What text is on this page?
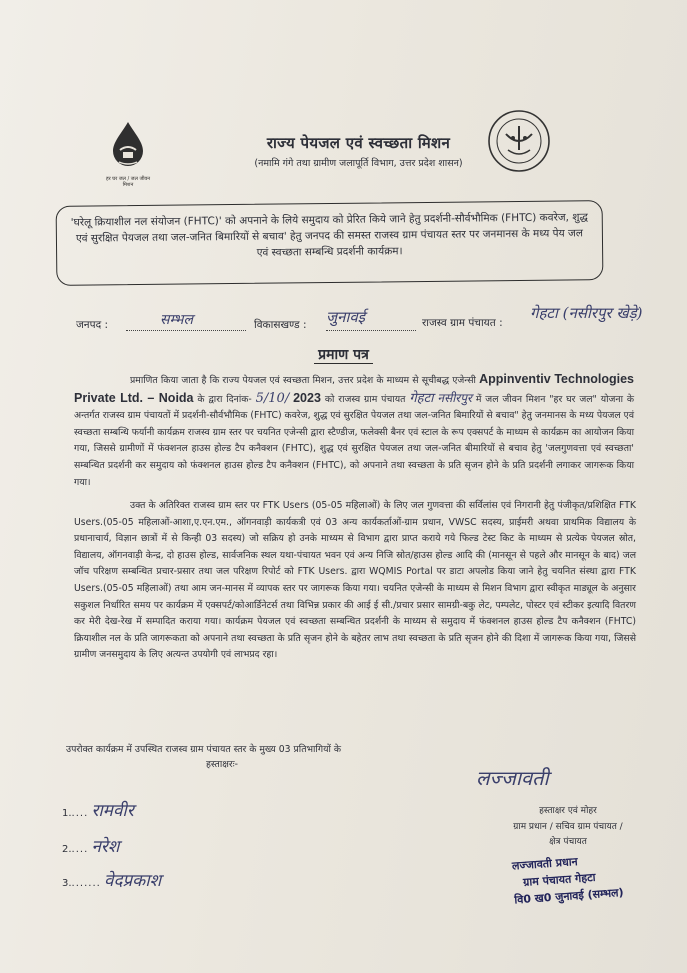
हर घर जल / जल जीवन मिशन
राज्य पेयजल एवं स्वच्छता मिशन
(नमामि गंगे तथा ग्रामीण जलापूर्ति विभाग, उत्तर प्रदेश शासन)
'घरेलू क्रियाशील नल संयोजन (FHTC)' को अपनाने के लिये समुदाय को प्रेरित किये जाने हेतु प्रदर्शनी-सौर्वभौमिक (FHTC) कवरेज, शुद्ध एवं सुरक्षित पेयजल तथा जल-जनित बिमारियों से बचाव' हेतु जनपद की समस्त राजस्व ग्राम पंचायत स्तर पर जनमानस के मध्य पेय जल एवं स्वच्छता सम्बन्धि प्रदर्शनी कार्यक्रम।
जनपद :	सम्भल	विकासखण्ड : जुनावई	राजस्व ग्राम पंचायत :
गेहटा (नसीरपुर खेड़े)
प्रमाण पत्र
प्रमाणित किया जाता है कि राज्य पेयजल एवं स्वच्छता मिशन, उत्तर प्रदेश के माध्यम से सूचीबद्ध एजेन्सी Appinventiv Technologies Private Ltd. – Noida के द्वारा दिनांक- 5/10/ 2023 को राजस्व ग्राम पंचायत गेहटा नसीरपुर में जल जीवन मिशन "हर घर जल" योजना के अन्तर्गत राजस्व ग्राम पंचायतों में प्रदर्शनी-सौर्वभौमिक (FHTC) कवरेज, शुद्ध एवं सुरक्षित पेयजल तथा जल-जनित बिमारियों से बचाव" हेतु जनमानस के मध्य पेयजल एवं स्वच्छता सम्बन्धि फर्यानी कार्यक्रम राजस्व ग्राम स्तर पर चयनित एजेन्सी द्वारा स्टैण्डीज, फलेक्सी बैनर एवं स्टाल के रूप एक्सपर्ट के माध्यम से कार्यक्रम का आयोजन किया गया, जिससे ग्रामीणों में फंक्शनल हाउस होल्ड टैप कनैक्शन (FHTC), शुद्ध एवं सुरक्षित पेयजल तथा जल-जनित बीमारियों से बचाव हेतु 'जलगुणवत्ता एवं स्वच्छता' सम्बन्धित प्रदर्शनी कर समुदाय को फंक्शनल हाउस होल्ड टैप कनैक्शन (FHTC), को अपनाने तथा स्वच्छता के प्रति सृजन होने के प्रति प्रदर्शनी लगाकर जागरूक किया गया।
उक्त के अतिरिक्त राजस्व ग्राम स्तर पर FTK Users (05-05 महिलाओं) के लिए जल गुणवत्ता की सर्विलांस एवं निगरानी हेतु पंजीकृत/प्रशिक्षित FTK Users.(05-05 महिलाओं-आशा,ए.एन.एम., ऑगनवाड़ी कार्यकत्री एवं 03 अन्य कार्यकर्ताओं-ग्राम प्रधान, VWSC सदस्य, प्राईमरी अथवा प्राथमिक विद्यालय के प्रधानाचार्य, विज्ञान छात्रों में से किन्ही 03 सदस्य) जो सक्रिय हो उनके माध्यम से विभाग द्वारा प्राप्त कराये गये फिल्ड टेस्ट किट के माध्यम से प्रत्येक पेयजल स्रोत, विद्यालय, ऑगनवाड़ी केन्द्र, दो हाउस होल्ड, सार्वजनिक स्थल यथा-पंचायत भवन एवं अन्य निजि स्रोत/हाउस होल्ड आदि की (मानसून से पहले और मानसून के बाद) जल जॉच परिक्षण सम्बन्धित प्रचार-प्रसार तथा जल परिक्षण रिपोर्ट को FTK Users. द्वारा WQMIS Portal पर डाटा अपलोड किया जाने हेतु चयनित संस्था द्वारा FTK Users.(05-05 महिलाओं) तथा आम जन-मानस में व्यापक स्तर पर जागरूक किया गया। चयनित एजेन्सी के माध्यम से मिशन विभाग द्वारा स्वीकृत माड्यूल के अनुसार सकुशल निर्धारित समय पर कार्यक्रम में एक्सपर्ट/कोआर्डिनेटर्स तथा विभिन्न प्रकार की आई ई सी./प्रचार प्रसार सामग्री-बकु लेट, पम्पलेट, पोस्टर एवं स्टीकर इत्यादि वितरण कर मेरी देख-रेख में सम्पादित कराया गया। कार्यक्रम पेयजल एवं स्वच्छता सम्बन्धित प्रदर्शनी के माध्यम से समुदाय में फंक्शनल हाउस होल्ड टैप कनैक्शन (FHTC) क्रियाशील नल के प्रति जागरूकता को अपनाने तथा स्वच्छता के प्रति सृजन होने के बहेतर लाभ तथा स्वच्छता के प्रति सृजन होने की दिशा में जागरूक किया गया, जिससे ग्रामीण जनसमुदाय के लिए अत्यन्त उपयोगी एवं लाभप्रद रहा।
उपरोक्त कार्यक्रम में उपस्थित राजस्व ग्राम पंचायत स्तर के मुख्य 03 प्रतिभागियों के
हस्ताक्षरः-
1..... रामवीर
2..... नरेश
3........ वेदप्रकाश
लज्जावती
हस्ताक्षर एवं मोहर
ग्राम प्रधान / सचिव ग्राम पंचायत /
क्षेत्र पंचायत
लज्जावती प्रधान
ग्राम पंचायत गेहटा
वि0 ख0 जुनावई (सम्भल)
